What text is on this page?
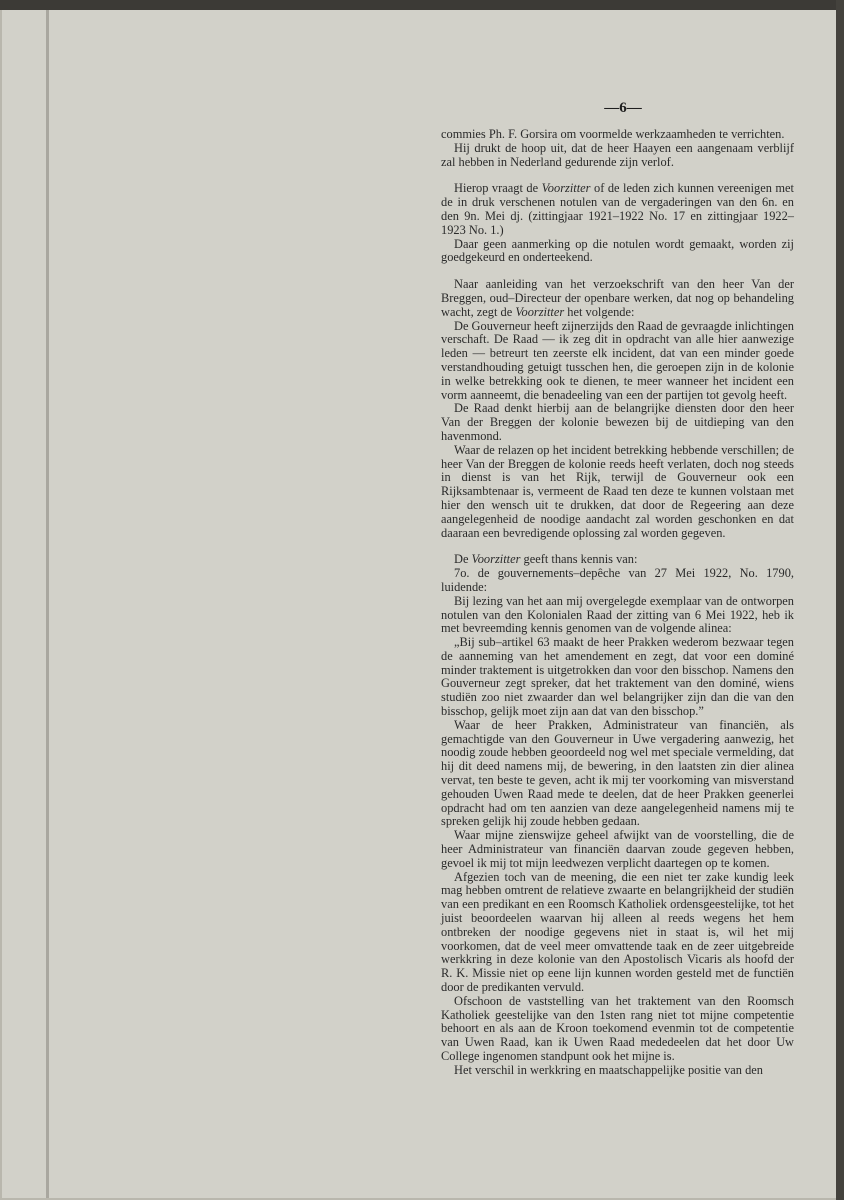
—6—

commies Ph. F. Gorsira om voormelde werkzaamheden te verrichten.

Hij drukt de hoop uit, dat de heer Haayen een aangenaam verblijf zal hebben in Nederland gedurende zijn verlof.

Hierop vraagt de Voorzitter of de leden zich kunnen vereenigen met de in druk verschenen notulen van de vergaderingen van den 6n. en den 9n. Mei dj. (zittingjaar 1921–1922 No. 17 en zittingjaar 1922–1923 No. 1.)

Daar geen aanmerking op die notulen wordt gemaakt, worden zij goedgekeurd en onderteekend.

Naar aanleiding van het verzoekschrift van den heer Van der Breggen, oud–Directeur der openbare werken, dat nog op behandeling wacht, zegt de Voorzitter het volgende:

De Gouverneur heeft zijnerzijds den Raad de gevraagde inlichtingen verschaft. De Raad — ik zeg dit in opdracht van alle hier aanwezige leden — betreurt ten zeerste elk incident, dat van een minder goede verstandhouding getuigt tusschen hen, die geroepen zijn in de kolonie in welke betrekking ook te dienen, te meer wanneer het incident een vorm aanneemt, die benadeeling van een der partijen tot gevolg heeft.

De Raad denkt hierbij aan de belangrijke diensten door den heer Van der Breggen der kolonie bewezen bij de uitdieping van den havenmond.

Waar de relazen op het incident betrekking hebbende verschillen; de heer Van der Breggen de kolonie reeds heeft verlaten, doch nog steeds in dienst is van het Rijk, terwijl de Gouverneur ook een Rijksambtenaar is, vermeent de Raad ten deze te kunnen volstaan met hier den wensch uit te drukken, dat door de Regeering aan deze aangelegenheid de noodige aandacht zal worden geschonken en dat daaraan een bevredigende oplossing zal worden gegeven.

De Voorzitter geeft thans kennis van:

7o. de gouvernements–depêche van 27 Mei 1922, No. 1790, luidende:

Bij lezing van het aan mij overgelegde exemplaar van de ontworpen notulen van den Kolonialen Raad der zitting van 6 Mei 1922, heb ik met bevreemding kennis genomen van de volgende alinea:

„Bij sub–artikel 63 maakt de heer Prakken wederom bezwaar tegen de aanneming van het amendement en zegt, dat voor een dominé minder traktement is uitgetrokken dan voor den bisschop. Namens den Gouverneur zegt spreker, dat het traktement van den dominé, wiens studiën zoo niet zwaarder dan wel belangrijker zijn dan die van den bisschop, gelijk moet zijn aan dat van den bisschop.”

Waar de heer Prakken, Administrateur van financiën, als gemachtigde van den Gouverneur in Uwe vergadering aanwezig, het noodig zoude hebben geoordeeld nog wel met speciale vermelding, dat hij dit deed namens mij, de bewering, in den laatsten zin dier alinea vervat, ten beste te geven, acht ik mij ter voorkoming van misverstand gehouden Uwen Raad mede te deelen, dat de heer Prakken geenerlei opdracht had om ten aanzien van deze aangelegenheid namens mij te spreken gelijk hij zoude hebben gedaan.

Waar mijne zienswijze geheel afwijkt van de voorstelling, die de heer Administrateur van financiën daarvan zoude gegeven hebben, gevoel ik mij tot mijn leedwezen verplicht daartegen op te komen.

Afgezien toch van de meening, die een niet ter zake kundig leek mag hebben omtrent de relatieve zwaarte en belangrijkheid der studiën van een predikant en een Roomsch Katholiek ordensgeestelijke, tot het juist beoordeelen waarvan hij alleen al reeds wegens het hem ontbreken der noodige gegevens niet in staat is, wil het mij voorkomen, dat de veel meer omvattende taak en de zeer uitgebreide werkkring in deze kolonie van den Apostolisch Vicaris als hoofd der R. K. Missie niet op eene lijn kunnen worden gesteld met de functiën door de predikanten vervuld.

Ofschoon de vaststelling van het traktement van den Roomsch Katholiek geestelijke van den 1sten rang niet tot mijne competentie behoort en als aan de Kroon toekomend evenmin tot de competentie van Uwen Raad, kan ik Uwen Raad mededeelen dat het door Uw College ingenomen standpunt ook het mijne is.

Het verschil in werkkring en maatschappelijke positie van den
